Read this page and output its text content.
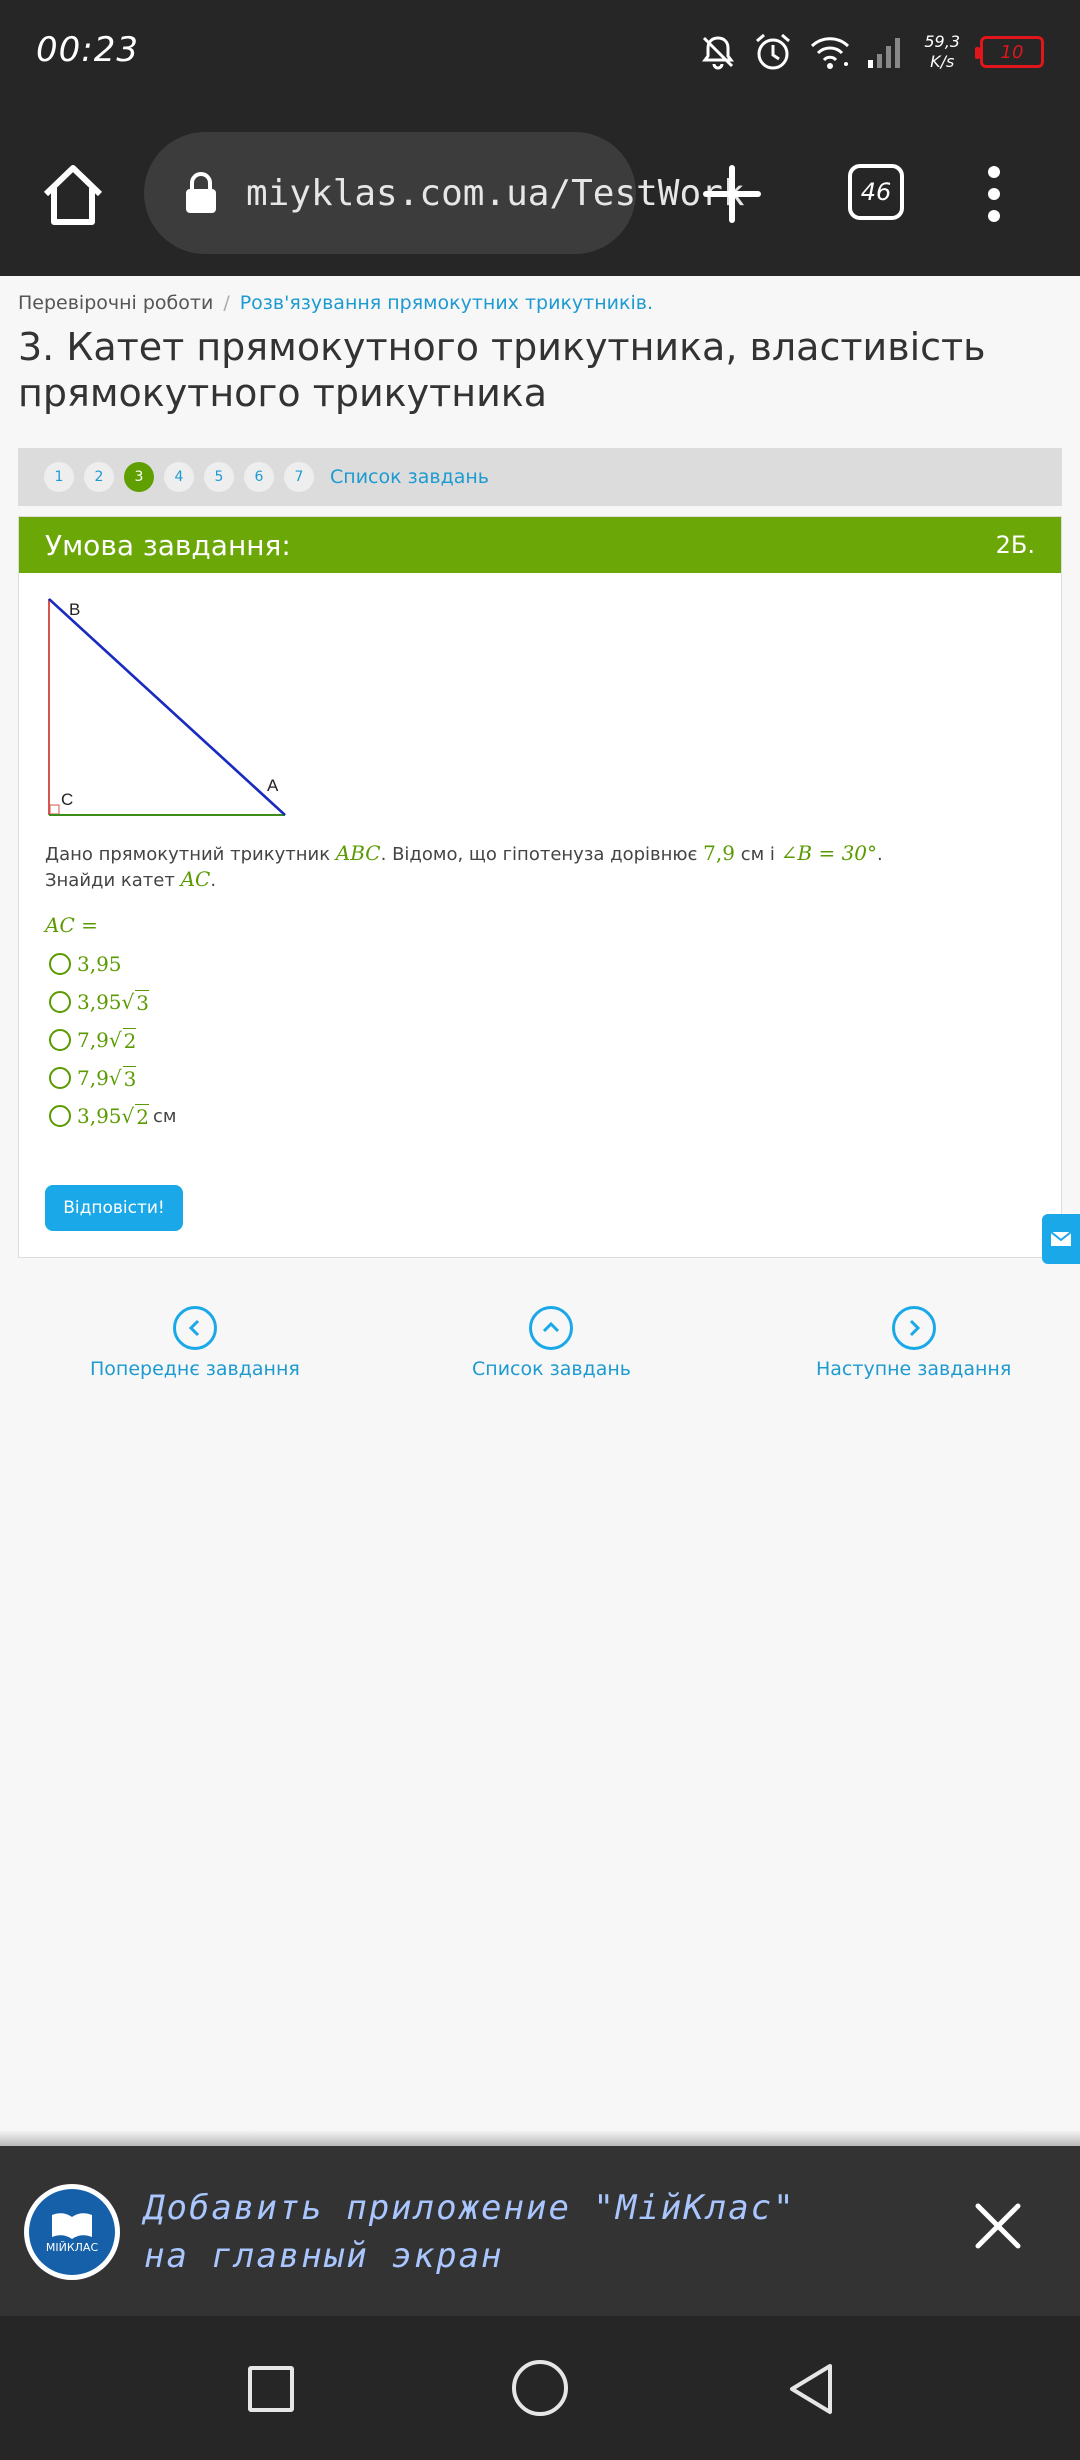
00:23	59,3
K/s	10
miyklas.com.ua/TestWork	46
Перевірочні роботи / Розв'язування прямокутних трикутників.
3. Катет прямокутного трикутника, властивість прямокутного трикутника
1	2	3	4	5	6	7	Список завдань
Умова завдання:	2Б.
B
C
A
Дано прямокутний трикутник ABC. Відомо, що гіпотенуза дорівнює 7,9 см і ∠B = 30°.
Знайди катет AC.
AC =
3,95
3,95 √ 3
7,9 √ 2
7,9 √ 3
3,95 √ 2 см
Відповісти!
Попереднє завдання	Список завдань	Наступне завдання
МІЙКЛАС
Добавить приложение "МійКлас" на главный экран
